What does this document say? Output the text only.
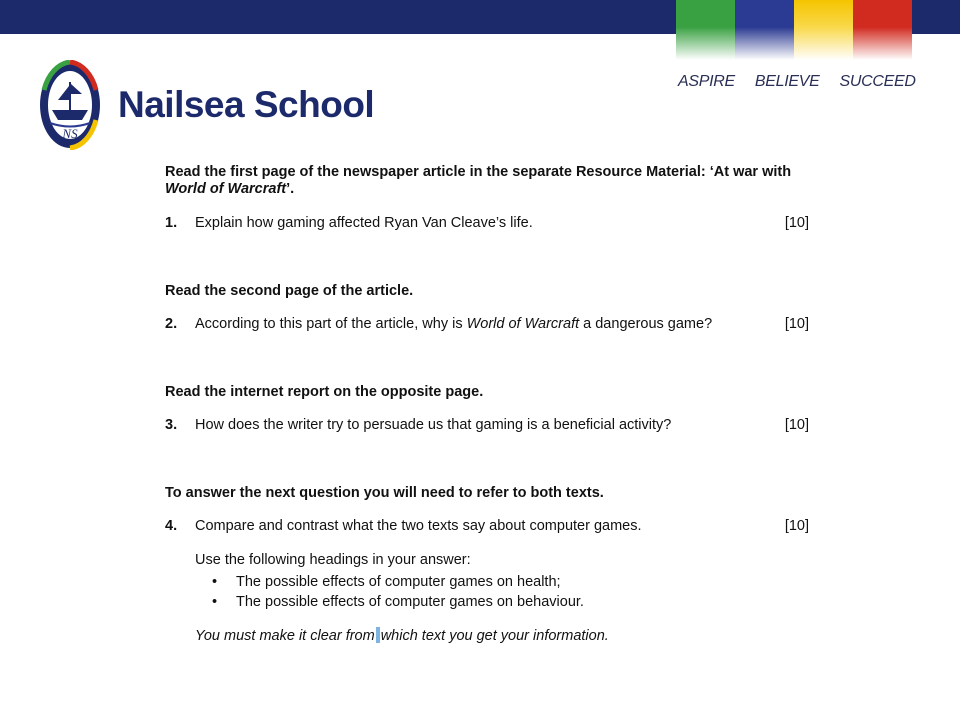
ASPIRE BELIEVE SUCCEED
NS
Nailsea School
Read the first page of the newspaper article in the separate Resource Material: ‘At war with
World of Warcraft’.
1. Explain how gaming affected Ryan Van Cleave’s life.	[10]
Read the second page of the article.
2. According to this part of the article, why is World of Warcraft a dangerous game?	[10]
Read the internet report on the opposite page.
3. How does the writer try to persuade us that gaming is a beneficial activity?	[10]
To answer the next question you will need to refer to both texts.
4. Compare and contrast what the two texts say about computer games.	[10]
Use the following headings in your answer:
• The possible effects of computer games on health;
• The possible effects of computer games on behaviour.
You must make it clear from which text you get your information.
